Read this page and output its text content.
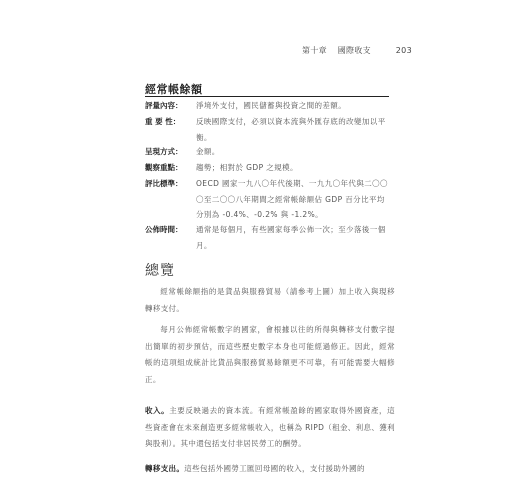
第十章 國際收支	203
經常帳餘額
評量內容： 淨境外支付，國民儲蓄與投資之間的差額。
重 要 性： 反映國際支付，必須以資本流與外匯存底的改變加以平衡。
呈現方式： 金額。
觀察重點： 趨勢；相對於 GDP 之規模。
評比標準： OECD 國家一九八〇年代後期、一九九〇年代與二〇〇〇至二〇〇八年期間之經常帳餘額佔 GDP 百分比平均分別為 -0.4%、-0.2% 與 -1.2%。
公佈時間： 通常是每個月，有些國家每季公佈一次；至少落後一個月。
總覽
經常帳餘額指的是貨品與服務貿易（請參考上圖）加上收入與現移轉移支付。
每月公佈經常帳數字的國家，會根據以往的所得與轉移支付數字提出簡單的初步預估，而這些歷史數字本身也可能經過修正。因此，經常帳的這項組成統計比貨品與服務貿易餘額更不可靠，有可能需要大幅修正。
收入。主要反映過去的資本流。有經常帳盈餘的國家取得外國資產，這些資產會在未來創造更多經常帳收入，也稱為 RIPD（租金、利息、獲利與股利）。其中還包括支付非居民勞工的酬勞。
轉移支出。這些包括外國勞工匯回母國的收入，支付援助外國的
